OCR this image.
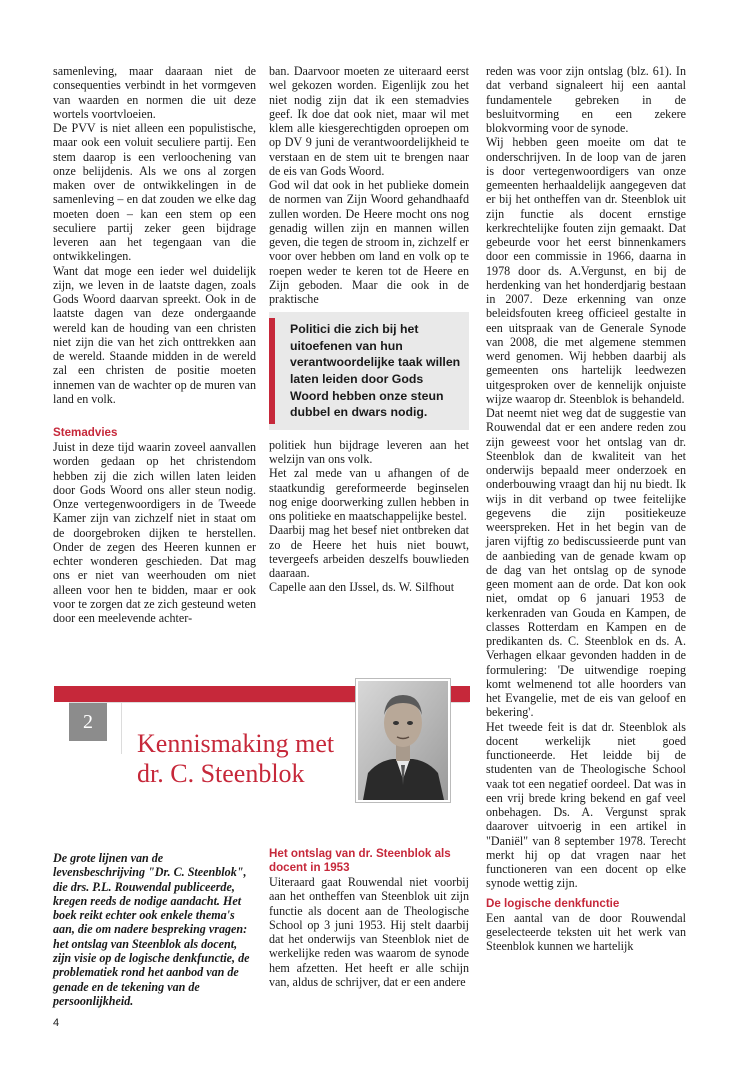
samenleving, maar daaraan niet de consequenties verbindt in het vormgeven van waarden en normen die uit deze wortels voortvloeien.

De PVV is niet alleen een populistische, maar ook een voluit seculiere partij. Een stem daarop is een verloochening van onze belijdenis. Als we ons al zorgen maken over de ontwikkelingen in de samenleving – en dat zouden we elke dag moeten doen – kan een stem op een seculiere partij zeker geen bijdrage leveren aan het tegengaan van die ontwikkelingen.

Want dat moge een ieder wel duidelijk zijn, we leven in de laatste dagen, zoals Gods Woord daarvan spreekt. Ook in de laatste dagen van deze ondergaande wereld kan de houding van een christen niet zijn die van het zich onttrekken aan de wereld. Staande midden in de wereld zal een christen de positie moeten innemen van de wachter op de muren van land en volk.

Stemadvies

Juist in deze tijd waarin zoveel aanvallen worden gedaan op het christendom hebben zij die zich willen laten leiden door Gods Woord ons aller steun nodig. Onze vertegenwoordigers in de Tweede Kamer zijn van zichzelf niet in staat om de doorgebroken dijken te herstellen. Onder de zegen des Heeren kunnen er echter wonderen geschieden. Dat mag ons er niet van weerhouden om niet alleen voor hen te bidden, maar er ook voor te zorgen dat ze zich gesteund weten door een meelevende achter-

ban. Daarvoor moeten ze uiteraard eerst wel gekozen worden. Eigenlijk zou het niet nodig zijn dat ik een stemadvies geef. Ik doe dat ook niet, maar wil met klem alle kiesgerechtigden oproepen om op DV 9 juni de verantwoordelijkheid te verstaan en de stem uit te brengen naar de eis van Gods Woord.

God wil dat ook in het publieke domein de normen van Zijn Woord gehandhaafd zullen worden. De Heere mocht ons nog genadig willen zijn en mannen willen geven, die tegen de stroom in, zichzelf er voor over hebben om land en volk op te roepen weder te keren tot de Heere en Zijn geboden. Maar die ook in de praktische

Politici die zich bij het uitoefenen van hun verantwoordelijke taak willen laten leiden door Gods Woord hebben onze steun dubbel en dwars nodig.

politiek hun bijdrage leveren aan het welzijn van ons volk.

Het zal mede van u afhangen of de staatkundig gereformeerde beginselen nog enige doorwerking zullen hebben in ons politieke en maatschappelijke bestel.

Daarbij mag het besef niet ontbreken dat zo de Heere het huis niet bouwt, tevergeefs arbeiden deszelfs bouwlieden daaraan.

Capelle aan den IJssel, ds. W. Silfhout

2
Kennismaking met dr. C. Steenblok
De grote lijnen van de levensbeschrijving "Dr. C. Steenblok", die drs. P.L. Rouwendal publiceerde, kregen reeds de nodige aandacht. Het boek reikt echter ook enkele thema's aan, die om nadere bespreking vragen: het ontslag van Steenblok als docent, zijn visie op de logische denkfunctie, de problematiek rond het aanbod van de genade en de tekening van de persoonlijkheid.
Het ontslag van dr. Steenblok als docent in 1953

Uiteraard gaat Rouwendal niet voorbij aan het ontheffen van Steenblok uit zijn functie als docent aan de Theologische School op 3 juni 1953. Hij stelt daarbij dat het onderwijs van Steenblok niet de werkelijke reden was waarom de synode hem afzetten. Het heeft er alle schijn van, aldus de schrijver, dat er een andere

reden was voor zijn ontslag (blz. 61). In dat verband signaleert hij een aantal fundamentele gebreken in de besluitvorming en een zekere blokvorming voor de synode.

Wij hebben geen moeite om dat te onderschrijven. In de loop van de jaren is door vertegenwoordigers van onze gemeenten herhaaldelijk aangegeven dat er bij het ontheffen van dr. Steenblok uit zijn functie als docent ernstige kerkrechtelijke fouten zijn gemaakt. Dat gebeurde voor het eerst binnenkamers door een commissie in 1966, daarna in 1978 door ds. A.Vergunst, en bij de herdenking van het honderdjarig bestaan in 2007. Deze erkenning van onze beleidsfouten kreeg officieel gestalte in een uitspraak van de Generale Synode van 2008, die met algemene stemmen werd genomen. Wij hebben daarbij als gemeenten ons hartelijk leedwezen uitgesproken over de kennelijk onjuiste wijze waarop dr. Steenblok is behandeld.

Dat neemt niet weg dat de suggestie van Rouwendal dat er een andere reden zou zijn geweest voor het ontslag van dr. Steenblok dan de kwaliteit van het onderwijs bepaald meer onderzoek en onderbouwing vraagt dan hij nu biedt. Ik wijs in dit verband op twee feitelijke gegevens die zijn positiekeuze weerspreken. Het in het begin van de jaren vijftig zo bediscussieerde punt van de aanbieding van de genade kwam op de dag van het ontslag op de synode geen moment aan de orde. Dat kon ook niet, omdat op 6 januari 1953 de kerkenraden van Gouda en Kampen, de classes Rotterdam en Kampen en de predikanten ds. C. Steenblok en ds. A. Verhagen elkaar gevonden hadden in de formulering: 'De uitwendige roeping komt welmenend tot alle hoorders van het Evangelie, met de eis van geloof en bekering'.

Het tweede feit is dat dr. Steenblok als docent werkelijk niet goed functioneerde. Het leidde bij de studenten van de Theologische School vaak tot een negatief oordeel. Dat was in een vrij brede kring bekend en gaf veel onbehagen. Ds. A. Vergunst sprak daarover uitvoerig in een artikel in "Daniël" van 8 september 1978. Terecht merkt hij op dat vragen naar het functioneren van een docent op elke synode wettig zijn.

De logische denkfunctie

Een aantal van de door Rouwendal geselecteerde teksten uit het werk van Steenblok kunnen we hartelijk

4
